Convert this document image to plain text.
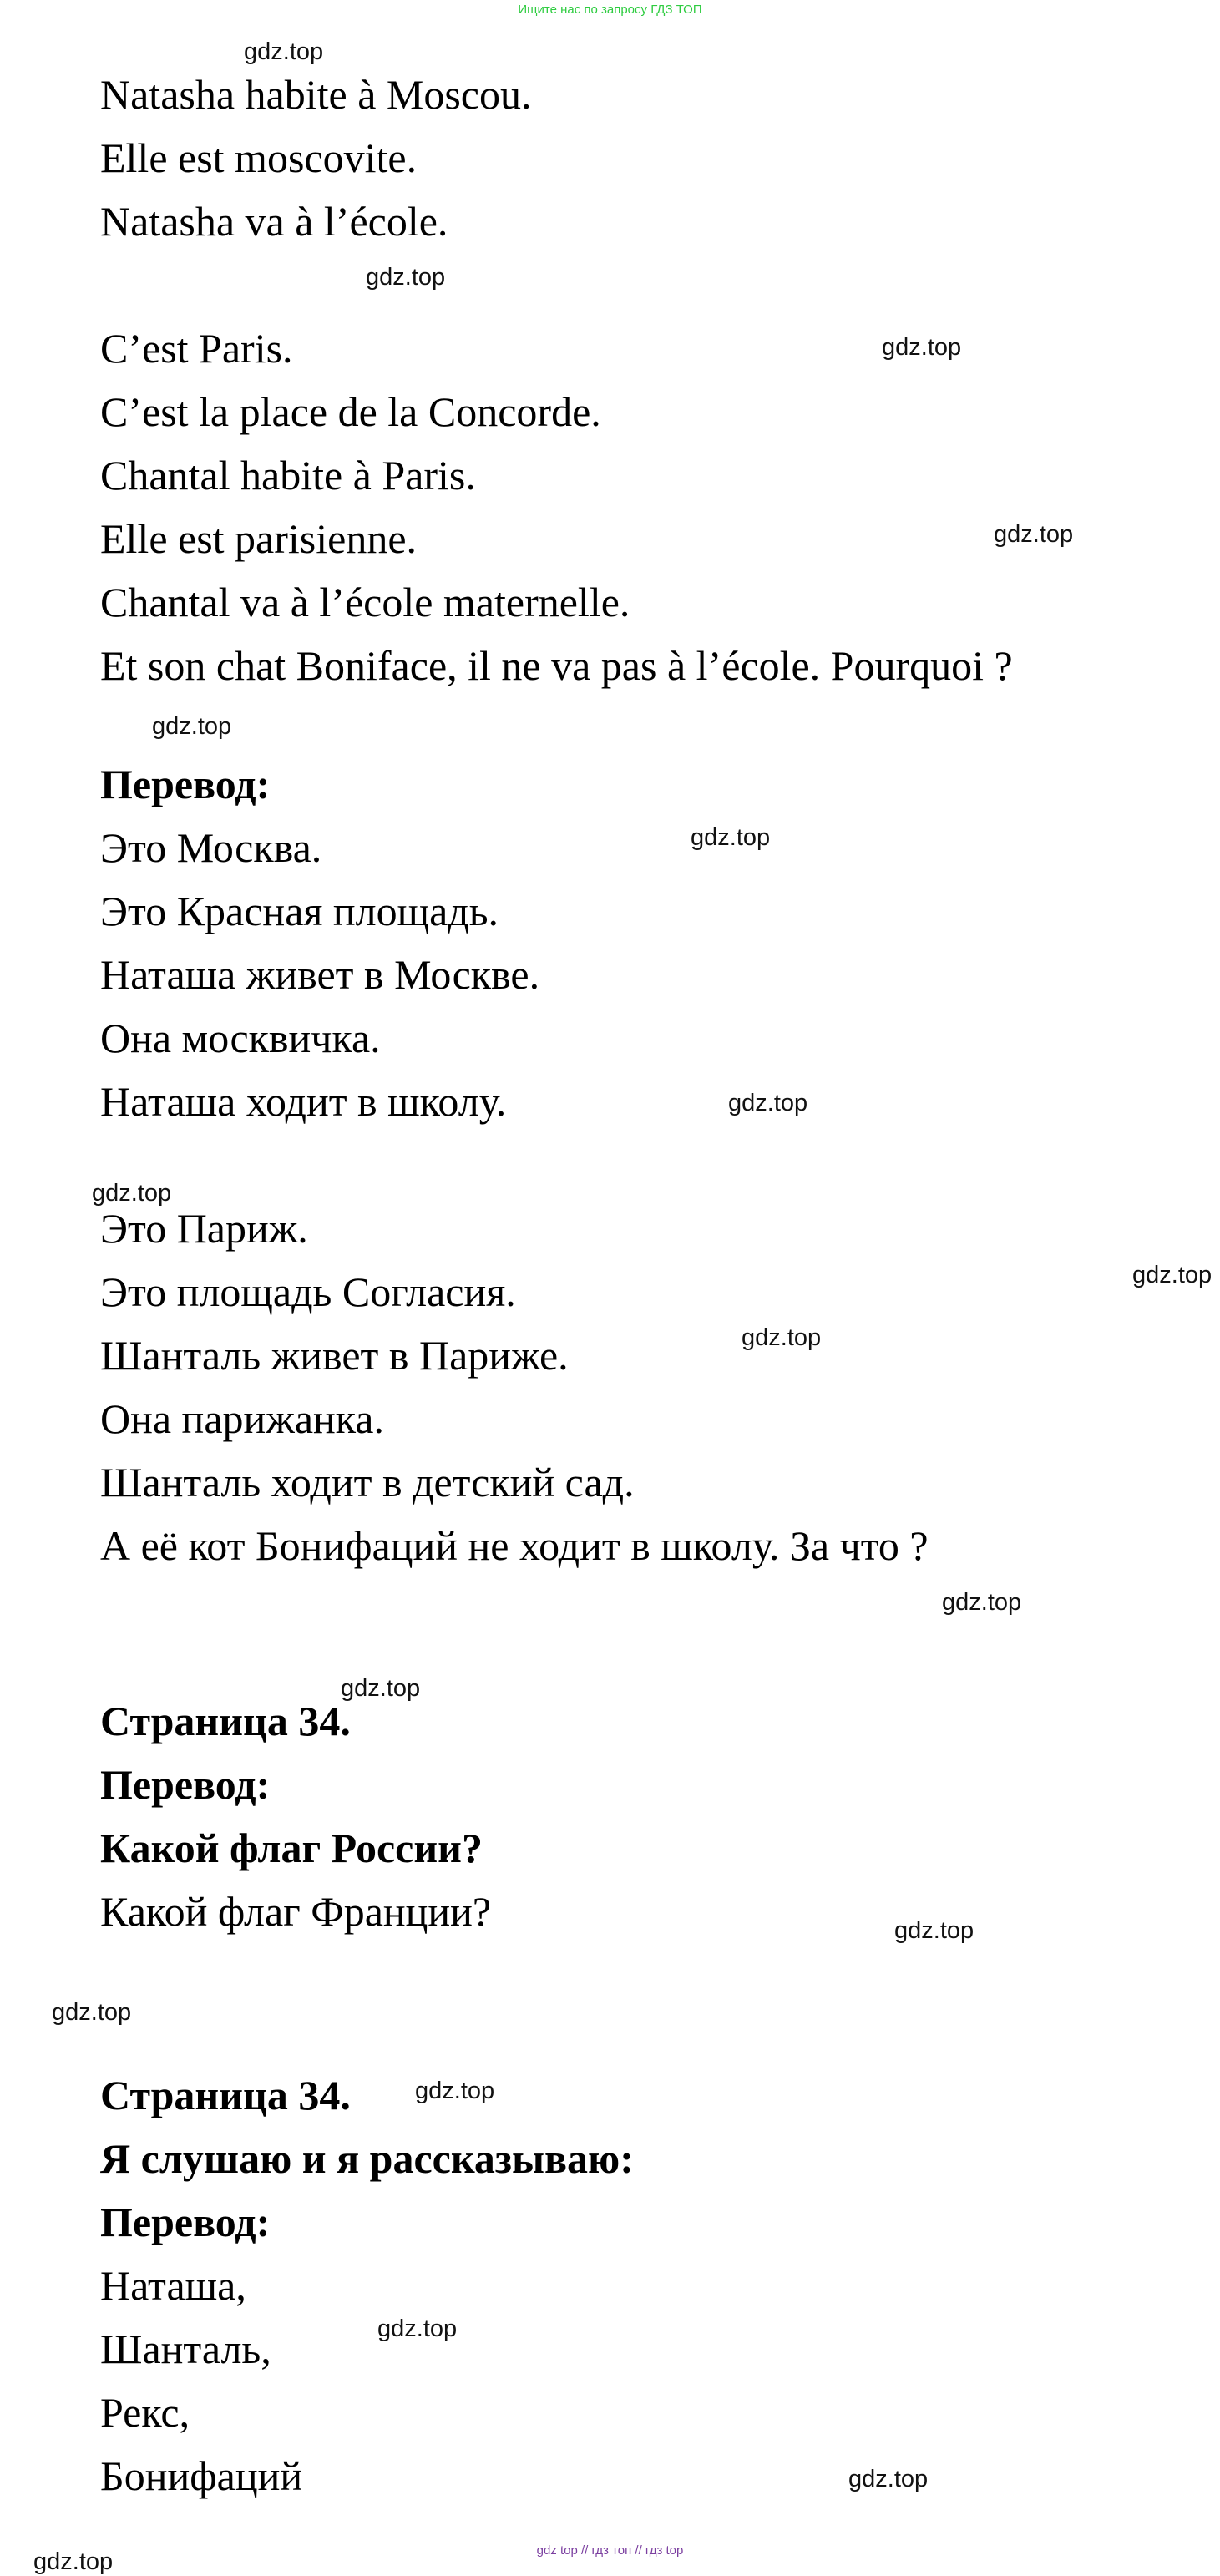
Ищите нас по запросу ГДЗ ТОП
Natasha habite à Moscou.
Elle est moscovite.
Natasha va à l’école.
C’est Paris.
C’est la place de la Concorde.
Chantal habite à Paris.
Elle est parisienne.
Chantal va à l’école maternelle.
Et son chat Boniface, il ne va pas à l’école. Pourquoi ?
Перевод:
Это Москва.
Это Красная площадь.
Наташа живет в Москве.
Она москвичка.
Наташа ходит в школу.
Это Париж.
Это площадь Согласия.
Шанталь живет в Париже.
Она парижанка.
Шанталь ходит в детский сад.
А её кот Бонифаций не ходит в школу. За что ?
Страница 34.
Перевод:
Какой флаг России?
Какой флаг Франции?
Страница 34.
Я слушаю и я рассказываю:
Перевод:
Наташа,
Шанталь,
Рекс,
Бонифаций
gdz.top
gdz.top
gdz.top
gdz.top
gdz.top
gdz.top
gdz.top
gdz.top
gdz.top
gdz.top
gdz.top
gdz.top
gdz.top
gdz.top
gdz.top
gdz.top
gdz.top
gdz.top	gdz top // гдз топ // гдз top
